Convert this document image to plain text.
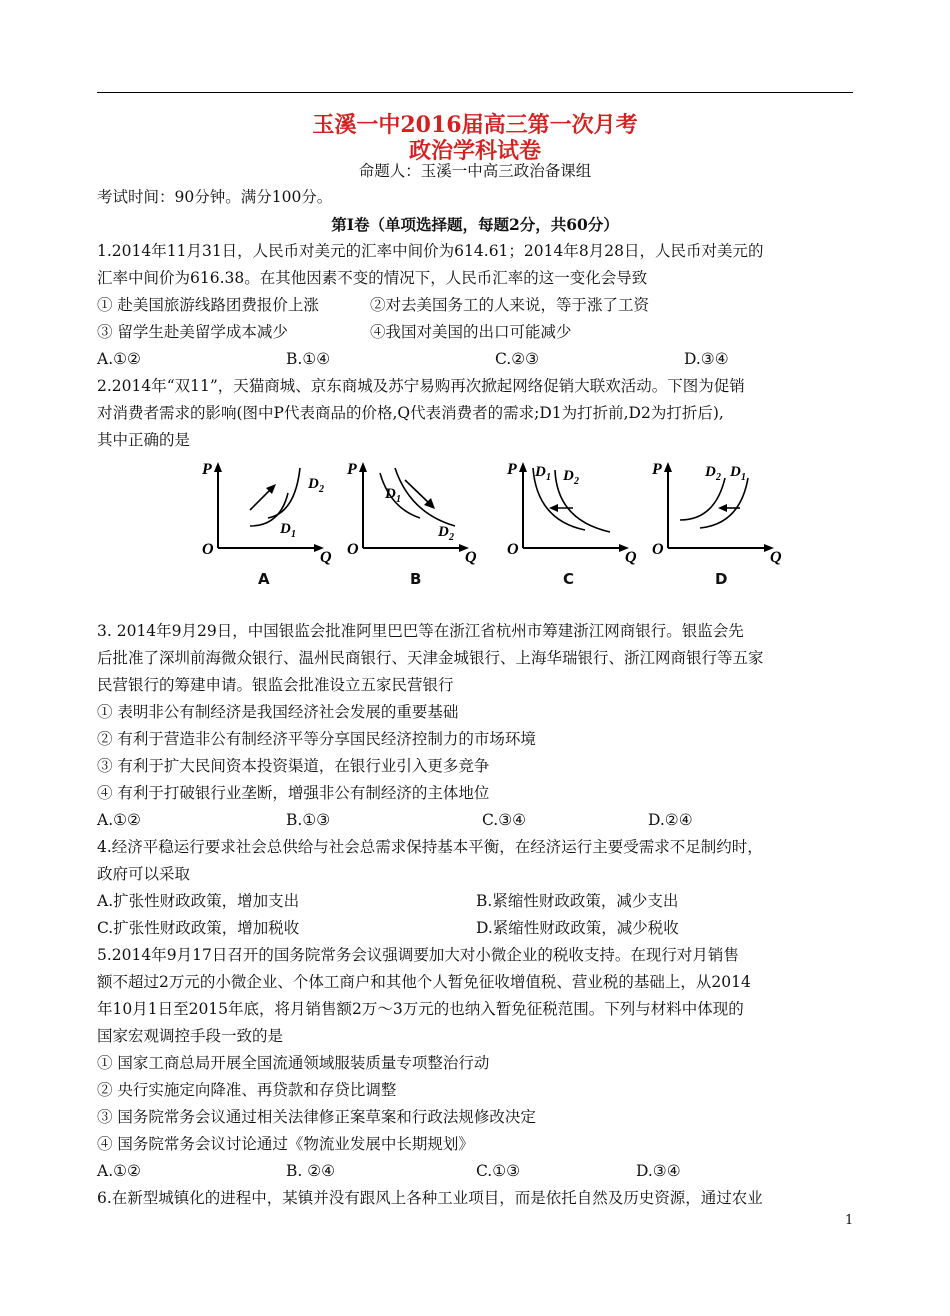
玉溪一中2016届高三第一次月考
政治学科试卷
命题人：玉溪一中高三政治备课组
考试时间：90分钟。满分100分。
第Ⅰ卷（单项选择题，每题2分，共60分）
1.2014年11月31日，人民币对美元的汇率中间价为614.61；2014年8月28日，人民币对美元的
汇率中间价为616.38。在其他因素不变的情况下，人民币汇率的这一变化会导致
① 赴美国旅游线路团费报价上涨	②对去美国务工的人来说，等于涨了工资
③ 留学生赴美留学成本减少	④我国对美国的出口可能减少
A.①②	B.①④	C.②③	D.③④
2.2014年“双11”，天猫商城、京东商城及苏宁易购再次掀起网络促销大联欢活动。下图为促销
对消费者需求的影响(图中P代表商品的价格,Q代表消费者的需求;D1为打折前,D2为打折后),
其中正确的是
P
Q
O
D 2
D 1
A
P
Q
O
D 1
D 2
B
P
Q
O
D 1 D 2
C
P
Q
O
D 2 D 1
D
3. 2014年9月29日，中国银监会批准阿里巴巴等在浙江省杭州市筹建浙江网商银行。银监会先
后批准了深圳前海微众银行、温州民商银行、天津金城银行、上海华瑞银行、浙江网商银行等五家
民营银行的筹建申请。银监会批准设立五家民营银行
① 表明非公有制经济是我国经济社会发展的重要基础
② 有利于营造非公有制经济平等分享国民经济控制力的市场环境
③ 有利于扩大民间资本投资渠道，在银行业引入更多竞争
④ 有利于打破银行业垄断，增强非公有制经济的主体地位
A.①②	B.①③	C.③④	D.②④
4.经济平稳运行要求社会总供给与社会总需求保持基本平衡，在经济运行主要受需求不足制约时，
政府可以采取
A.扩张性财政政策，增加支出	B.紧缩性财政政策，减少支出
C.扩张性财政政策，增加税收	D.紧缩性财政政策，减少税收
5.2014年9月17日召开的国务院常务会议强调要加大对小微企业的税收支持。在现行对月销售
额不超过2万元的小微企业、个体工商户和其他个人暂免征收增值税、营业税的基础上，从2014
年10月1日至2015年底，将月销售额2万～3万元的也纳入暂免征税范围。下列与材料中体现的
国家宏观调控手段一致的是
① 国家工商总局开展全国流通领域服装质量专项整治行动
② 央行实施定向降准、再贷款和存贷比调整
③ 国务院常务会议通过相关法律修正案草案和行政法规修改决定
④ 国务院常务会议讨论通过《物流业发展中长期规划》
A.①②	B. ②④	C.①③	D.③④
6.在新型城镇化的进程中，某镇并没有跟风上各种工业项目，而是依托自然及历史资源，通过农业
1
